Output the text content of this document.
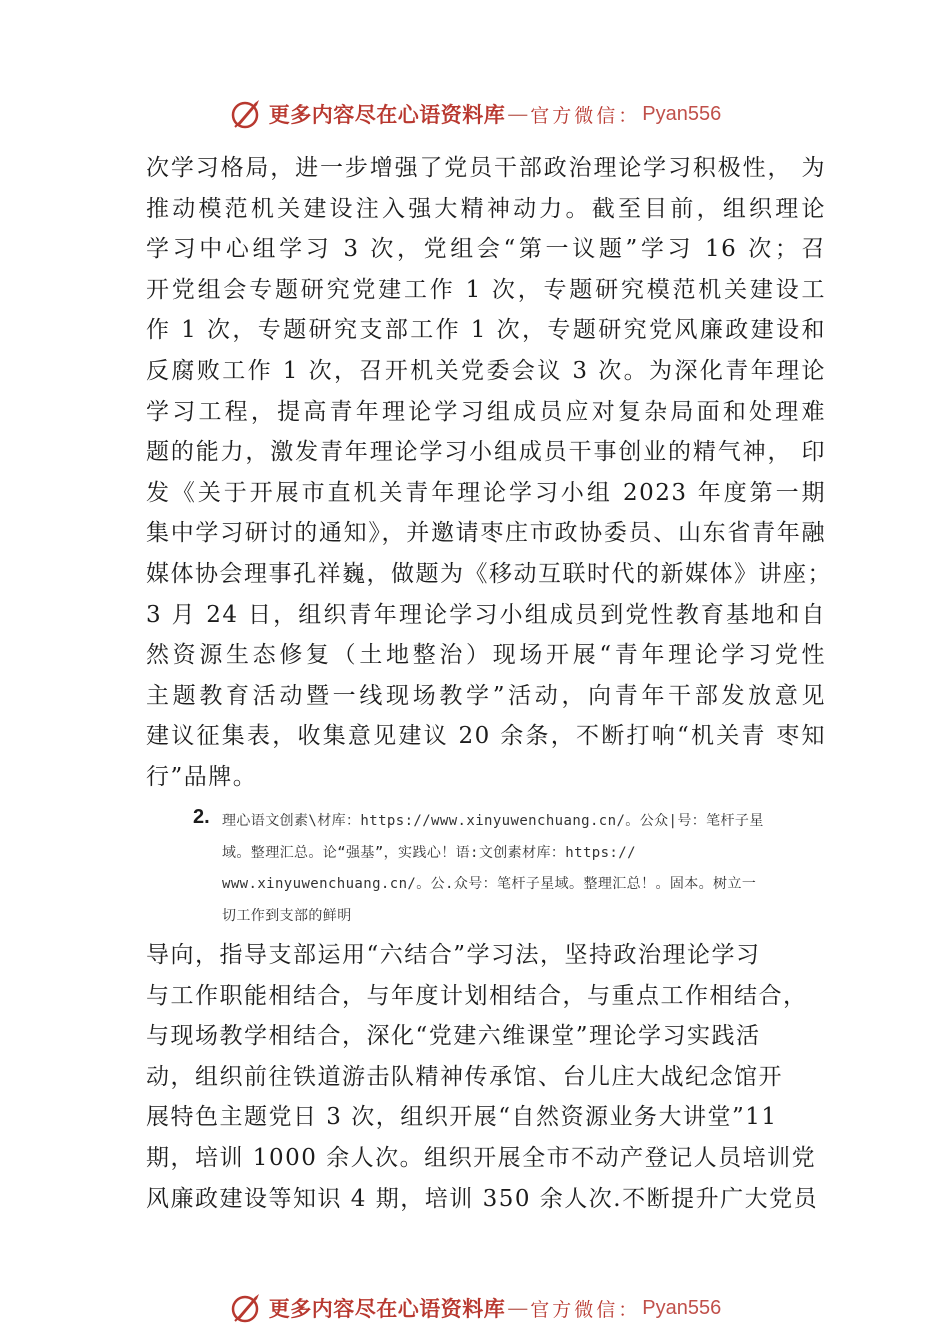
更多内容尽在心语资料库 — 官方微信： Pyan556
次学习格局，进一步增强了党员干部政治理论学习积极性， 为
推动模范机关建设注入强大精神动力。截至目前，组织理论
学习中心组学习 3 次，党组会“第一议题”学习 16 次；召
开党组会专题研究党建工作 1 次，专题研究模范机关建设工
作 1 次，专题研究支部工作 1 次，专题研究党风廉政建设和
反腐败工作 1 次，召开机关党委会议 3 次。为深化青年理论
学习工程，提高青年理论学习组成员应对复杂局面和处理难
题的能力，激发青年理论学习小组成员干事创业的精气神， 印
发《关于开展市直机关青年理论学习小组 2023 年度第一期
集中学习研讨的通知》，并邀请枣庄市政协委员、山东省青年融
媒体协会理事孔祥巍，做题为《移动互联时代的新媒体》讲座；
3 月 24 日，组织青年理论学习小组成员到党性教育基地和自
然资源生态修复（土地整治）现场开展“青年理论学习党性
主题教育活动暨一线现场教学”活动，向青年干部发放意见
建议征集表，收集意见建议 20 余条，不断打响“机关青 枣知
行”品牌。
2. 理心语文创素\材库：https://www.xinyuwenchuang.cn/。公众|号：笔杆子星
域。整理汇总。论“强基”，实践心！语:文创素材库：https://
www.xinyuwenchuang.cn/。公.众号：笔杆子星域。整理汇总！。固本。树立一
切工作到支部的鲜明
导向，指导支部运用“六结合”学习法，坚持政治理论学习
与工作职能相结合，与年度计划相结合，与重点工作相结合，
与现场教学相结合，深化“党建六维课堂”理论学习实践活
动，组织前往铁道游击队精神传承馆、台儿庄大战纪念馆开
展特色主题党日 3 次，组织开展“自然资源业务大讲堂”11
期，培训 1000 余人次。组织开展全市不动产登记人员培训党
风廉政建设等知识 4 期，培训 350 余人次.不断提升广大党员
更多内容尽在心语资料库 — 官方微信： Pyan556
